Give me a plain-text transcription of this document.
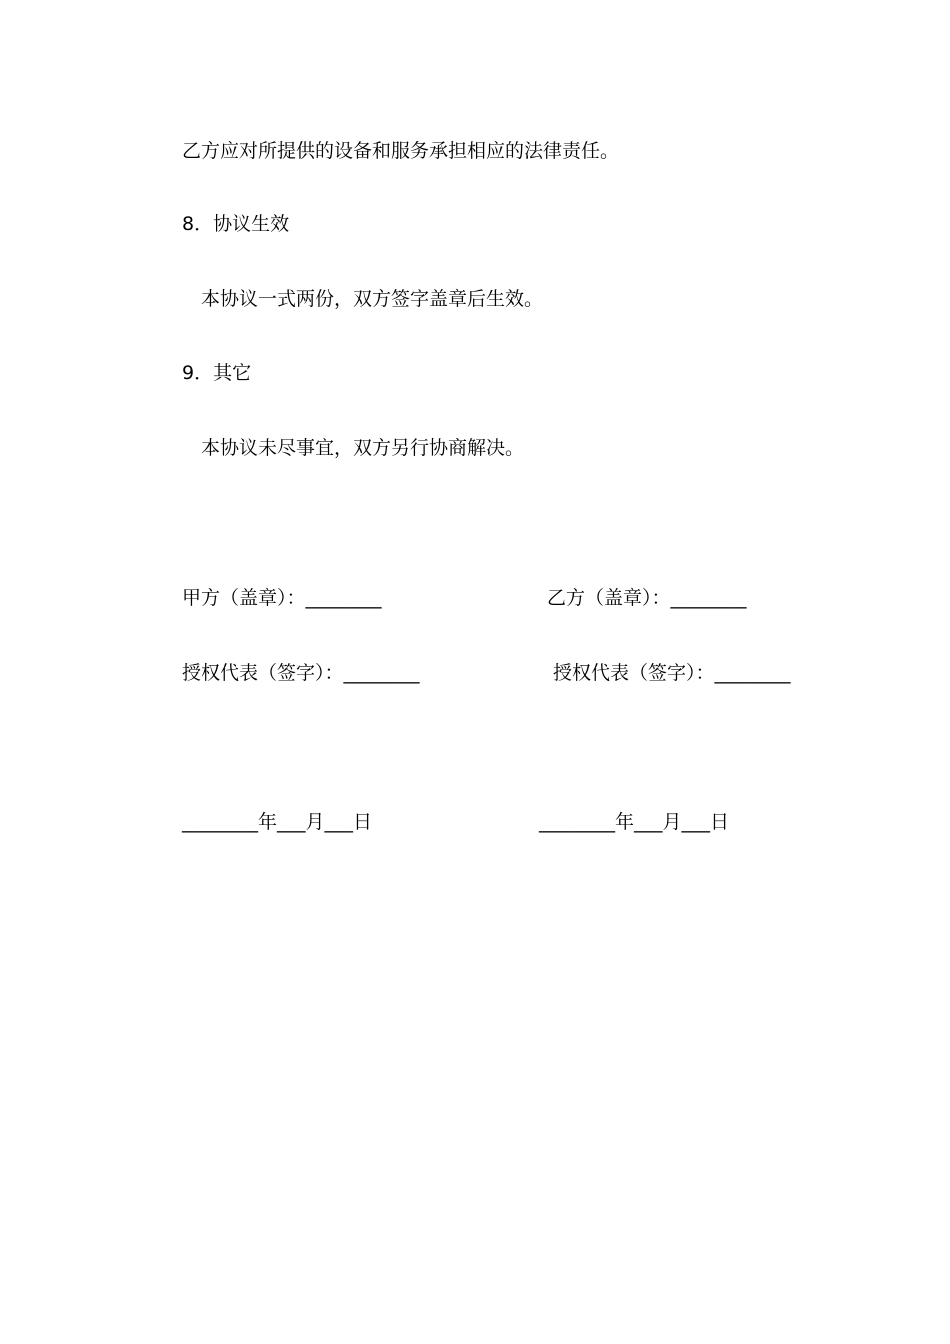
乙方应对所提供的设备和服务承担相应的法律责任。
8．协议生效
本协议一式两份，双方签字盖章后生效。
9．其它
本协议未尽事宜，双方另行协商解决。
甲方（盖章）：________	乙方（盖章）：________
授权代表（签字）：________	授权代表（签字）：________
________年___月___日	________年___月___日
